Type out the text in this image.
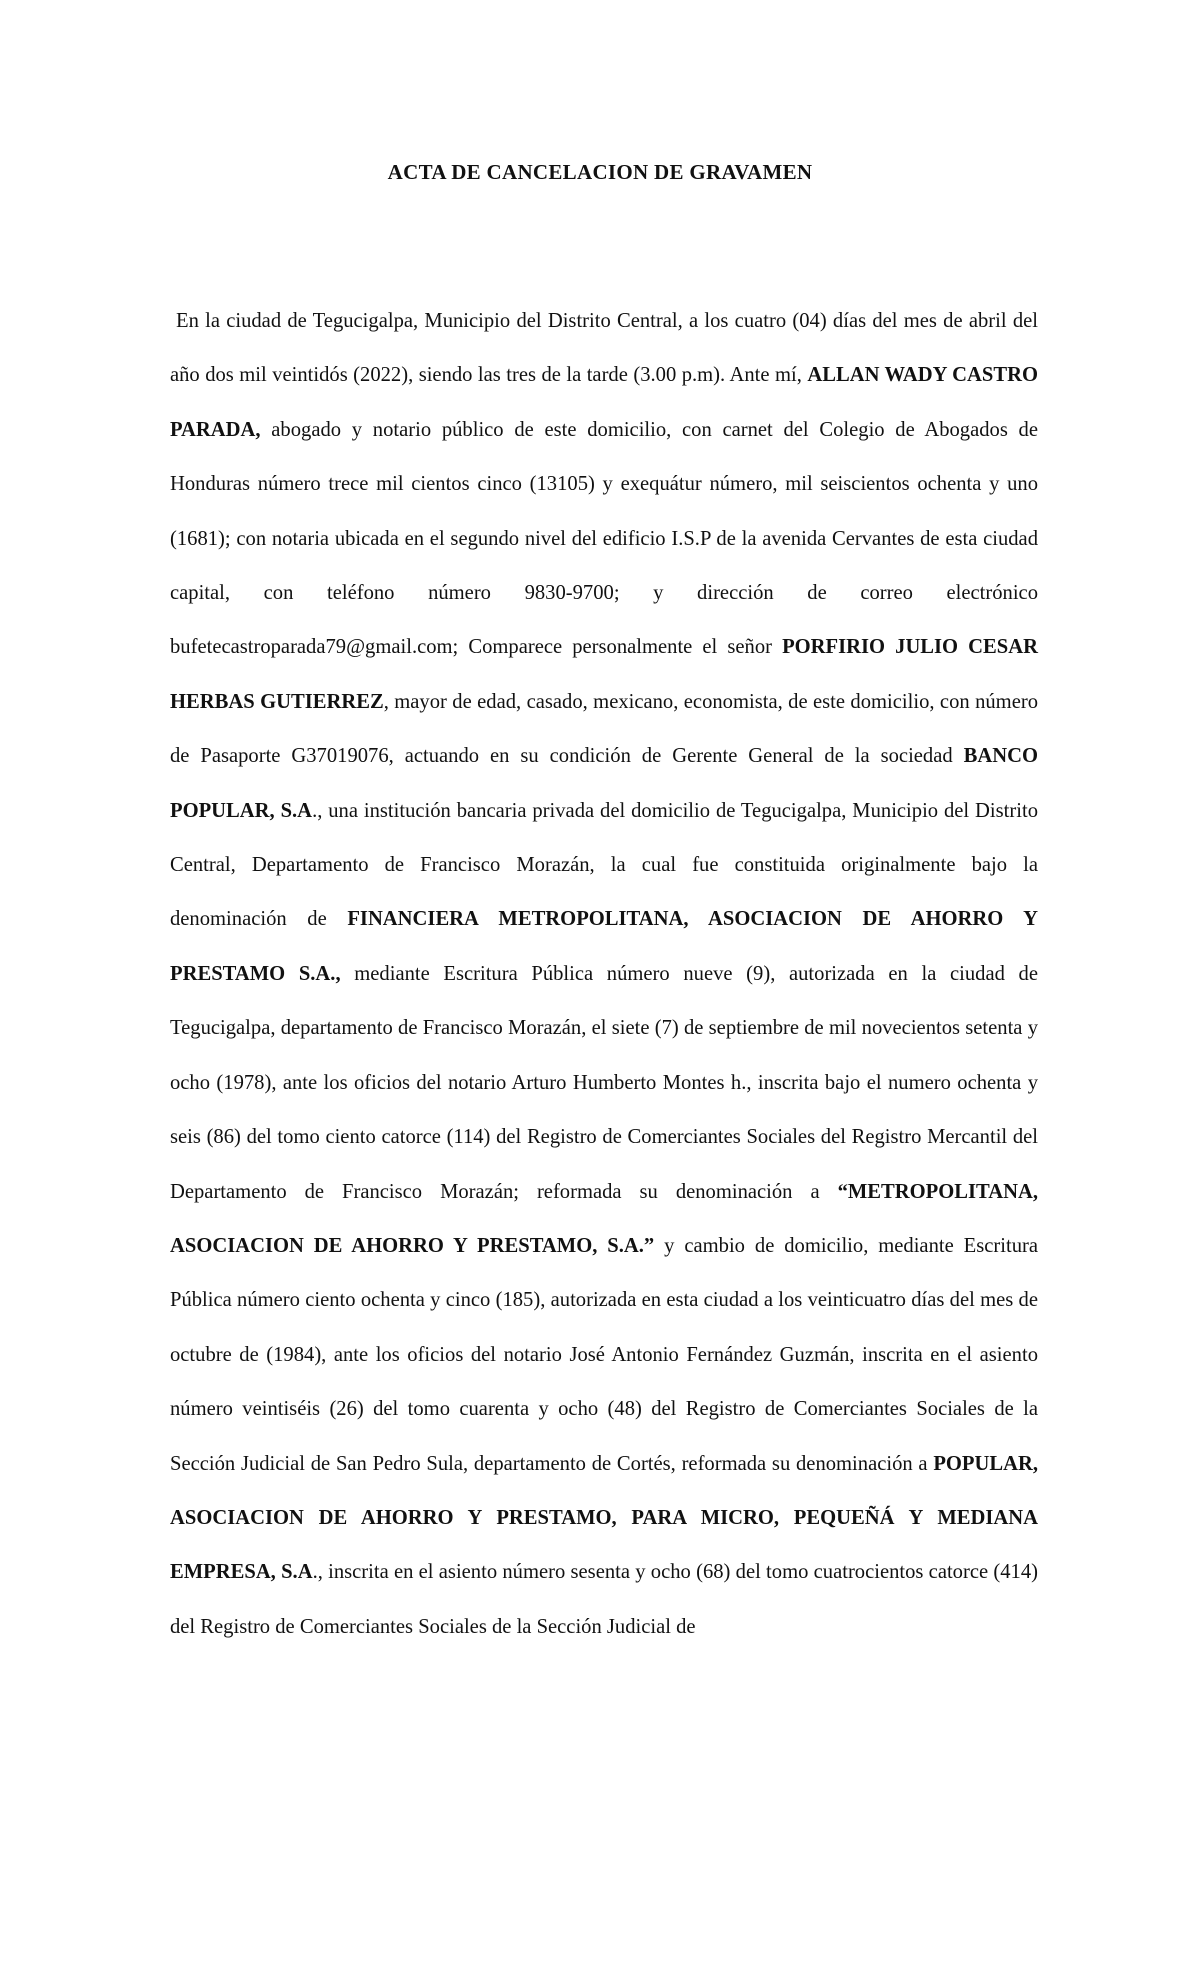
ACTA DE CANCELACION DE GRAVAMEN

En la ciudad de Tegucigalpa, Municipio del Distrito Central, a los cuatro (04) días del mes de abril del año dos mil veintidós (2022), siendo las tres de la tarde (3.00 p.m). Ante mí, ALLAN WADY CASTRO PARADA, abogado y notario público de este domicilio, con carnet del Colegio de Abogados de Honduras número trece mil cientos cinco (13105) y exequátur número, mil seiscientos ochenta y uno (1681); con notaria ubicada en el segundo nivel del edificio I.S.P de la avenida Cervantes de esta ciudad capital, con teléfono número 9830-9700; y dirección de correo electrónico bufetecastroparada79@gmail.com; Comparece personalmente el señor PORFIRIO JULIO CESAR HERBAS GUTIERREZ, mayor de edad, casado, mexicano, economista, de este domicilio, con número de Pasaporte G37019076, actuando en su condición de Gerente General de la sociedad BANCO POPULAR, S.A., una institución bancaria privada del domicilio de Tegucigalpa, Municipio del Distrito Central, Departamento de Francisco Morazán, la cual fue constituida originalmente bajo la denominación de FINANCIERA METROPOLITANA, ASOCIACION DE AHORRO Y PRESTAMO S.A., mediante Escritura Pública número nueve (9), autorizada en la ciudad de Tegucigalpa, departamento de Francisco Morazán, el siete (7) de septiembre de mil novecientos setenta y ocho (1978), ante los oficios del notario Arturo Humberto Montes h., inscrita bajo el numero ochenta y seis (86) del tomo ciento catorce (114) del Registro de Comerciantes Sociales del Registro Mercantil del Departamento de Francisco Morazán; reformada su denominación a “METROPOLITANA, ASOCIACION DE AHORRO Y PRESTAMO, S.A.” y cambio de domicilio, mediante Escritura Pública número ciento ochenta y cinco (185), autorizada en esta ciudad a los veinticuatro días del mes de octubre de (1984), ante los oficios del notario José Antonio Fernández Guzmán, inscrita en el asiento número veintiséis (26) del tomo cuarenta y ocho (48) del Registro de Comerciantes Sociales de la Sección Judicial de San Pedro Sula, departamento de Cortés, reformada su denominación a POPULAR, ASOCIACION DE AHORRO Y PRESTAMO, PARA MICRO, PEQUEÑÁ Y MEDIANA EMPRESA, S.A., inscrita en el asiento número sesenta y ocho (68) del tomo cuatrocientos catorce (414) del Registro de Comerciantes Sociales de la Sección Judicial de
